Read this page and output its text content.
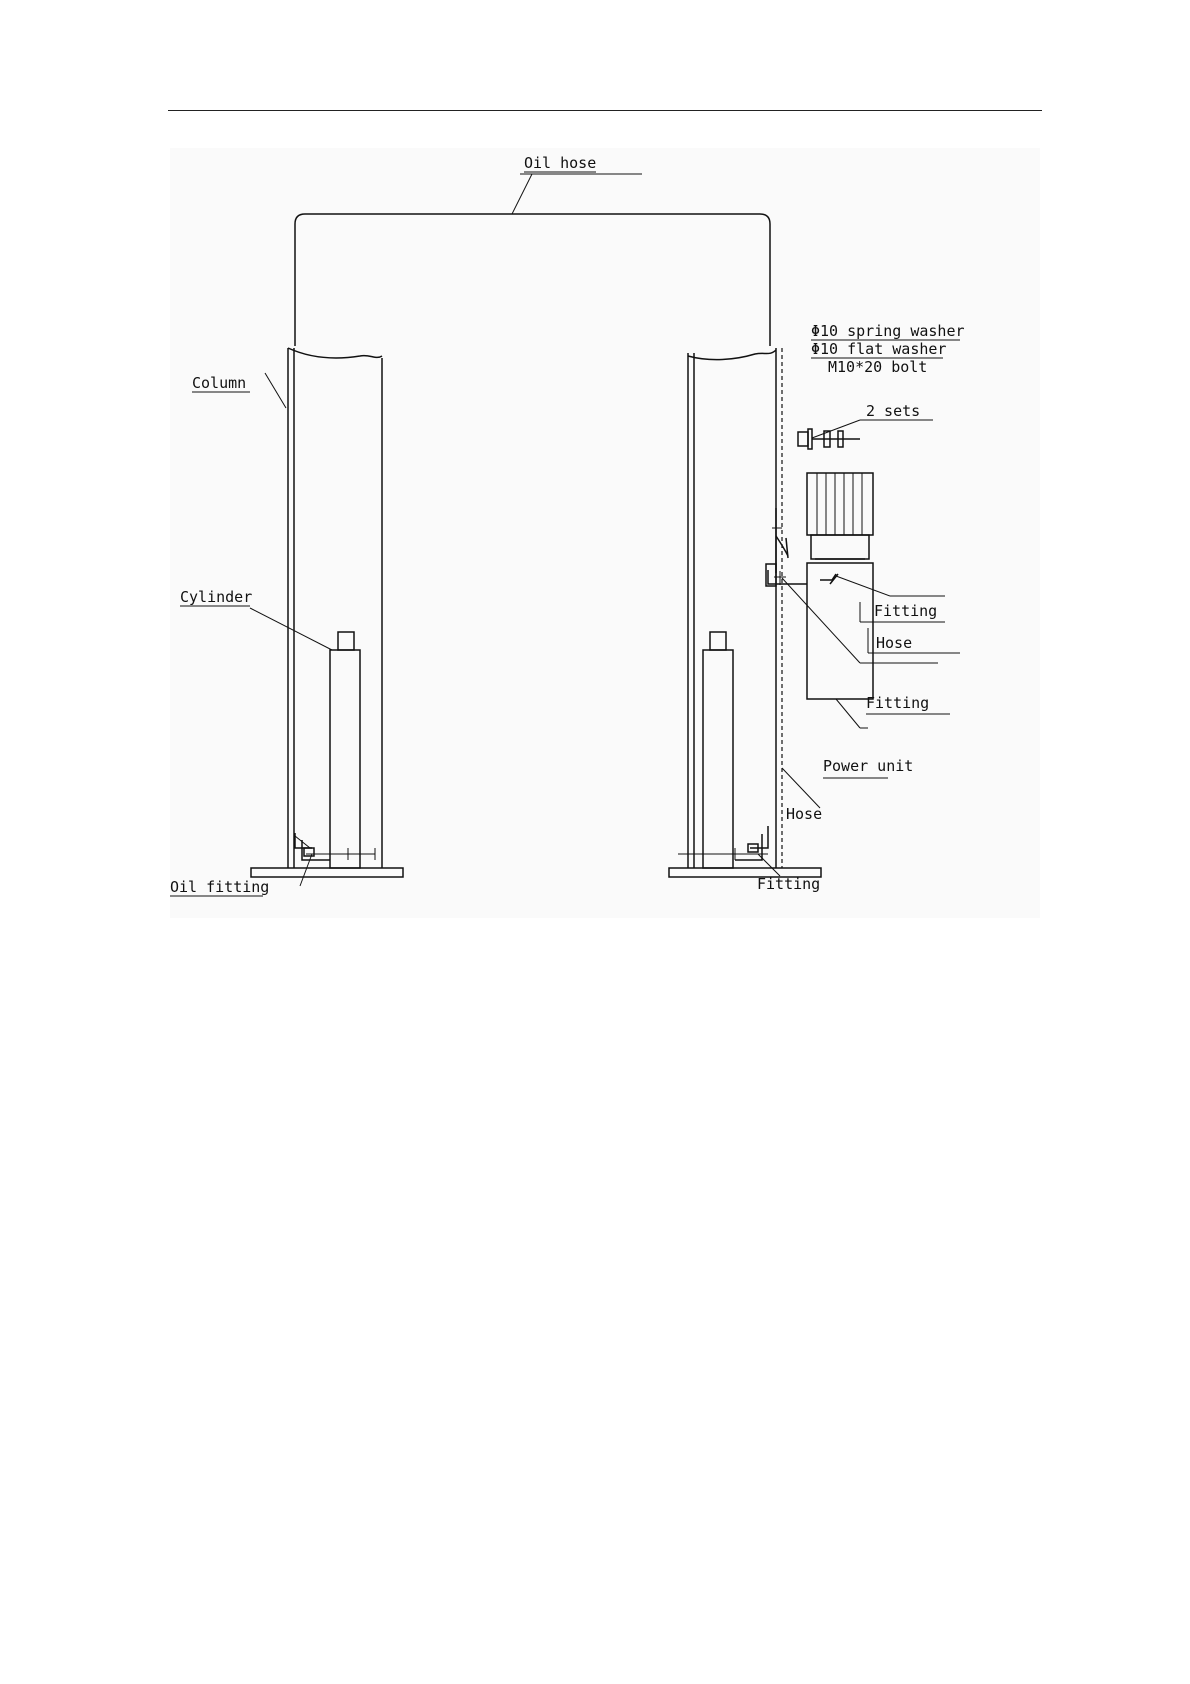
Oil hose
Column
Cylinder
Oil fitting
Φ10 spring washer
Φ10 flat washer
M10*20 bolt
2 sets
Fitting
Hose
Fitting
Power unit
Hose
Fitting
